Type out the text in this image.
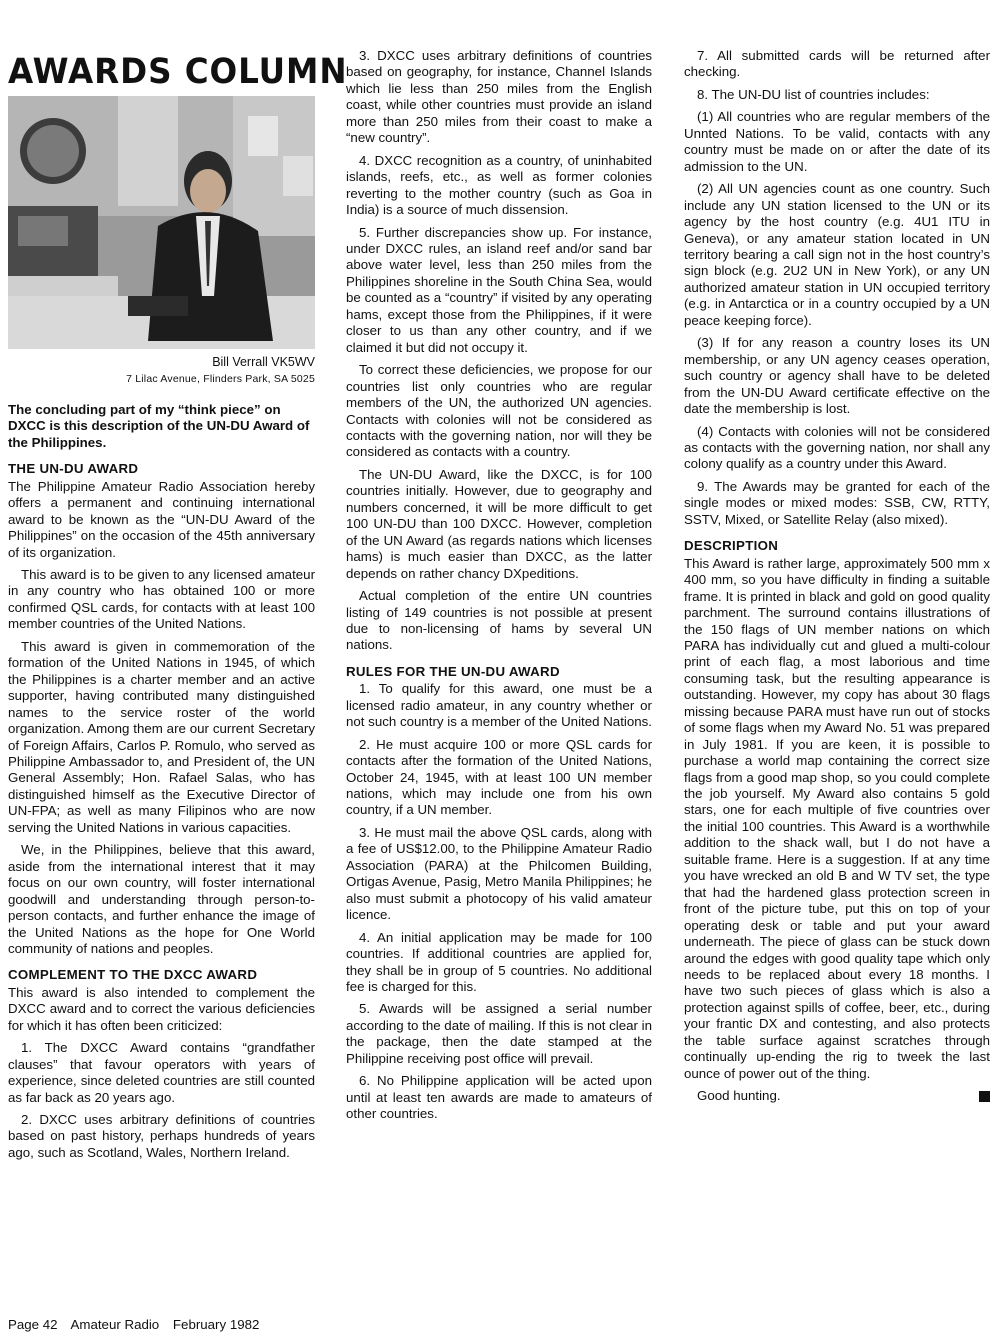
AWARDS COLUMN
Bill Verrall VK5WV
7 Lilac Avenue, Flinders Park, SA 5025

The concluding part of my “think piece” on DXCC is this description of the UN-DU Award of the Philippines.

THE UN-DU AWARD

The Philippine Amateur Radio Association hereby offers a permanent and continuing international award to be known as the “UN-DU Award of the Philippines” on the occasion of the 45th anniversary of its organization.

This award is to be given to any licensed amateur in any country who has obtained 100 or more confirmed QSL cards, for contacts with at least 100 member countries of the United Nations.

This award is given in commemoration of the formation of the United Nations in 1945, of which the Philippines is a charter member and an active supporter, having contributed many distinguished names to the service roster of the world organization. Among them are our current Secretary of Foreign Affairs, Carlos P. Romulo, who served as Philippine Ambassador to, and President of, the UN General Assembly; Hon. Rafael Salas, who has distinguished himself as the Executive Director of UN-FPA; as well as many Filipinos who are now serving the United Nations in various capacities.

We, in the Philippines, believe that this award, aside from the international interest that it may focus on our own country, will foster international goodwill and understanding through person-to-person contacts, and further enhance the image of the United Nations as the hope for One World community of nations and peoples.

COMPLEMENT TO THE DXCC AWARD

This award is also intended to complement the DXCC award and to correct the various deficiencies for which it has often been criticized:

1. The DXCC Award contains “grandfather clauses” that favour operators with years of experience, since deleted countries are still counted as far back as 20 years ago.

2. DXCC uses arbitrary definitions of countries based on past history, perhaps hundreds of years ago, such as Scotland, Wales, Northern Ireland.

3. DXCC uses arbitrary definitions of countries based on geography, for instance, Channel Islands which lie less than 250 miles from the English coast, while other countries must provide an island more than 250 miles from their coast to make a “new country”.

4. DXCC recognition as a country, of uninhabited islands, reefs, etc., as well as former colonies reverting to the mother country (such as Goa in India) is a source of much dissension.

5. Further discrepancies show up. For instance, under DXCC rules, an island reef and/or sand bar above water level, less than 250 miles from the Philippines shoreline in the South China Sea, would be counted as a “country” if visited by any operating hams, except those from the Philippines, if it were closer to us than any other country, and if we claimed it but did not occupy it.

To correct these deficiencies, we propose for our countries list only countries who are regular members of the UN, the authorized UN agencies. Contacts with colonies will not be considered as contacts with the governing nation, nor will they be considered as contacts with a country.

The UN-DU Award, like the DXCC, is for 100 countries initially. However, due to geography and numbers concerned, it will be more difficult to get 100 UN-DU than 100 DXCC. However, completion of the UN Award (as regards nations which licenses hams) is much easier than DXCC, as the latter depends on rather chancy DXpeditions.

Actual completion of the entire UN countries listing of 149 countries is not possible at present due to non-licensing of hams by several UN nations.

RULES FOR THE UN-DU AWARD

1. To qualify for this award, one must be a licensed radio amateur, in any country whether or not such country is a member of the United Nations.

2. He must acquire 100 or more QSL cards for contacts after the formation of the United Nations, October 24, 1945, with at least 100 UN member nations, which may include one from his own country, if a UN member.

3. He must mail the above QSL cards, along with a fee of US$12.00, to the Philippine Amateur Radio Association (PARA) at the Philcomen Building, Ortigas Avenue, Pasig, Metro Manila Philippines; he also must submit a photocopy of his valid amateur licence.

4. An initial application may be made for 100 countries. If additional countries are applied for, they shall be in group of 5 countries. No additional fee is charged for this.

5. Awards will be assigned a serial number according to the date of mailing. If this is not clear in the package, then the date stamped at the Philippine receiving post office will prevail.

6. No Philippine application will be acted upon until at least ten awards are made to amateurs of other countries.

7. All submitted cards will be returned after checking.

8. The UN-DU list of countries includes:

(1) All countries who are regular members of the Unnted Nations. To be valid, contacts with any country must be made on or after the date of its admission to the UN.

(2) All UN agencies count as one country. Such include any UN station licensed to the UN or its agency by the host country (e.g. 4U1 ITU in Geneva), or any amateur station located in UN territory bearing a call sign not in the host country’s sign block (e.g. 2U2 UN in New York), or any UN authorized amateur station in UN occupied territory (e.g. in Antarctica or in a country occupied by a UN peace keeping force).

(3) If for any reason a country loses its UN membership, or any UN agency ceases operation, such country or agency shall have to be deleted from the UN-DU Award certificate effective on the date the membership is lost.

(4) Contacts with colonies will not be considered as contacts with the governing nation, nor shall any colony qualify as a country under this Award.

9. The Awards may be granted for each of the single modes or mixed modes: SSB, CW, RTTY, SSTV, Mixed, or Satellite Relay (also mixed).

DESCRIPTION

This Award is rather large, approximately 500 mm x 400 mm, so you have difficulty in finding a suitable frame. It is printed in black and gold on good quality parchment. The surround contains illustrations of the 150 flags of UN member nations on which PARA has individually cut and glued a multi-colour print of each flag, a most laborious and time consuming task, but the resulting appearance is outstanding. However, my copy has about 30 flags missing because PARA must have run out of stocks of some flags when my Award No. 51 was prepared in July 1981. If you are keen, it is possible to purchase a world map containing the correct size flags from a good map shop, so you could complete the job yourself. My Award also contains 5 gold stars, one for each multiple of five countries over the initial 100 countries. This Award is a worthwhile addition to the shack wall, but I do not have a suitable frame. Here is a suggestion. If at any time you have wrecked an old B and W TV set, the type that had the hardened glass protection screen in front of the picture tube, put this on top of your operating desk or table and put your award underneath. The piece of glass can be stuck down around the edges with good quality tape which only needs to be replaced about every 18 months. I have two such pieces of glass which is also a protection against spills of coffee, beer, etc., during your frantic DX and contesting, and also protects the table surface against scratches through continually up-ending the rig to tweek the last ounce of power out of the thing.

Good hunting.

Page 42 Amateur Radio February 1982
